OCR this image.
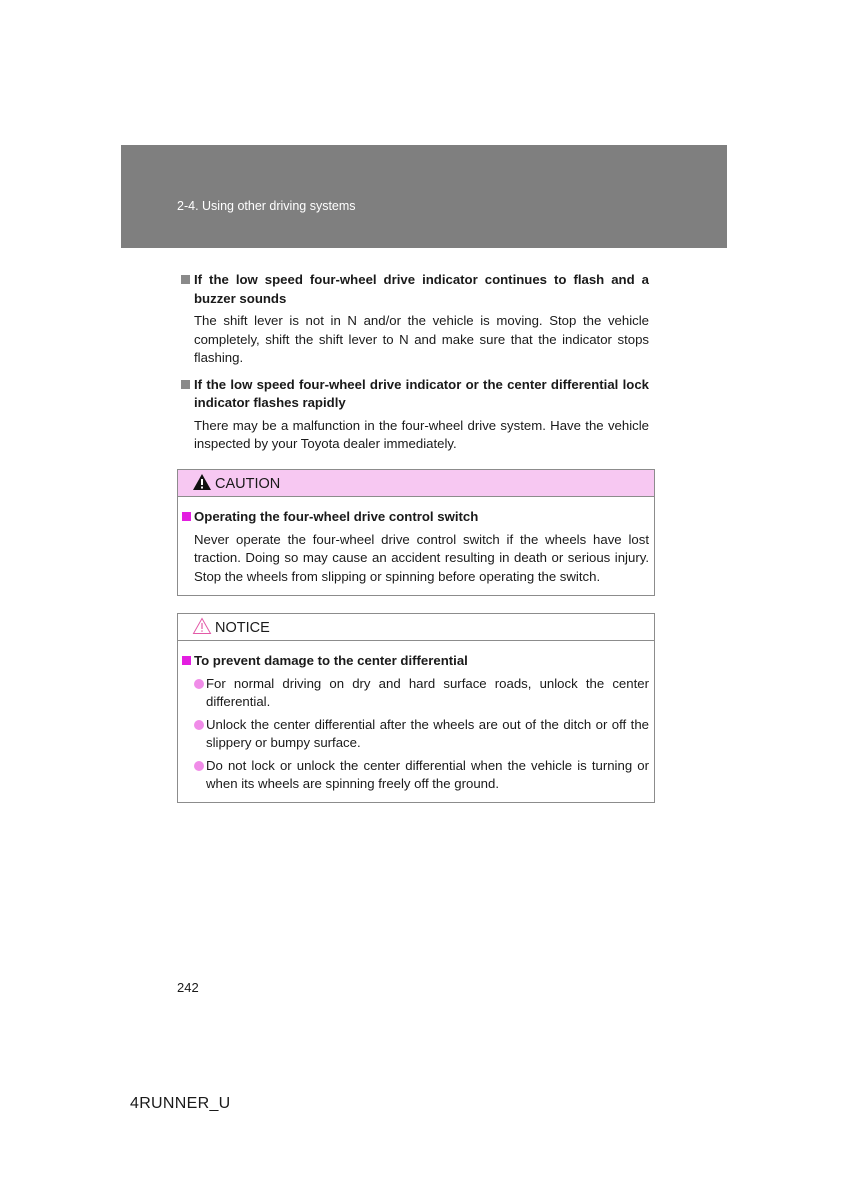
2-4. Using other driving systems
If the low speed four-wheel drive indicator continues to flash and a buzzer sounds
The shift lever is not in N and/or the vehicle is moving. Stop the vehicle completely, shift the shift lever to N and make sure that the indicator stops flashing.
If the low speed four-wheel drive indicator or the center differential lock indicator flashes rapidly
There may be a malfunction in the four-wheel drive system. Have the vehicle inspected by your Toyota dealer immediately.
CAUTION
Operating the four-wheel drive control switch
Never operate the four-wheel drive control switch if the wheels have lost traction. Doing so may cause an accident resulting in death or serious injury. Stop the wheels from slipping or spinning before operating the switch.
NOTICE
To prevent damage to the center differential
For normal driving on dry and hard surface roads, unlock the center differential.
Unlock the center differential after the wheels are out of the ditch or off the slippery or bumpy surface.
Do not lock or unlock the center differential when the vehicle is turning or when its wheels are spinning freely off the ground.
242
4RUNNER_U
